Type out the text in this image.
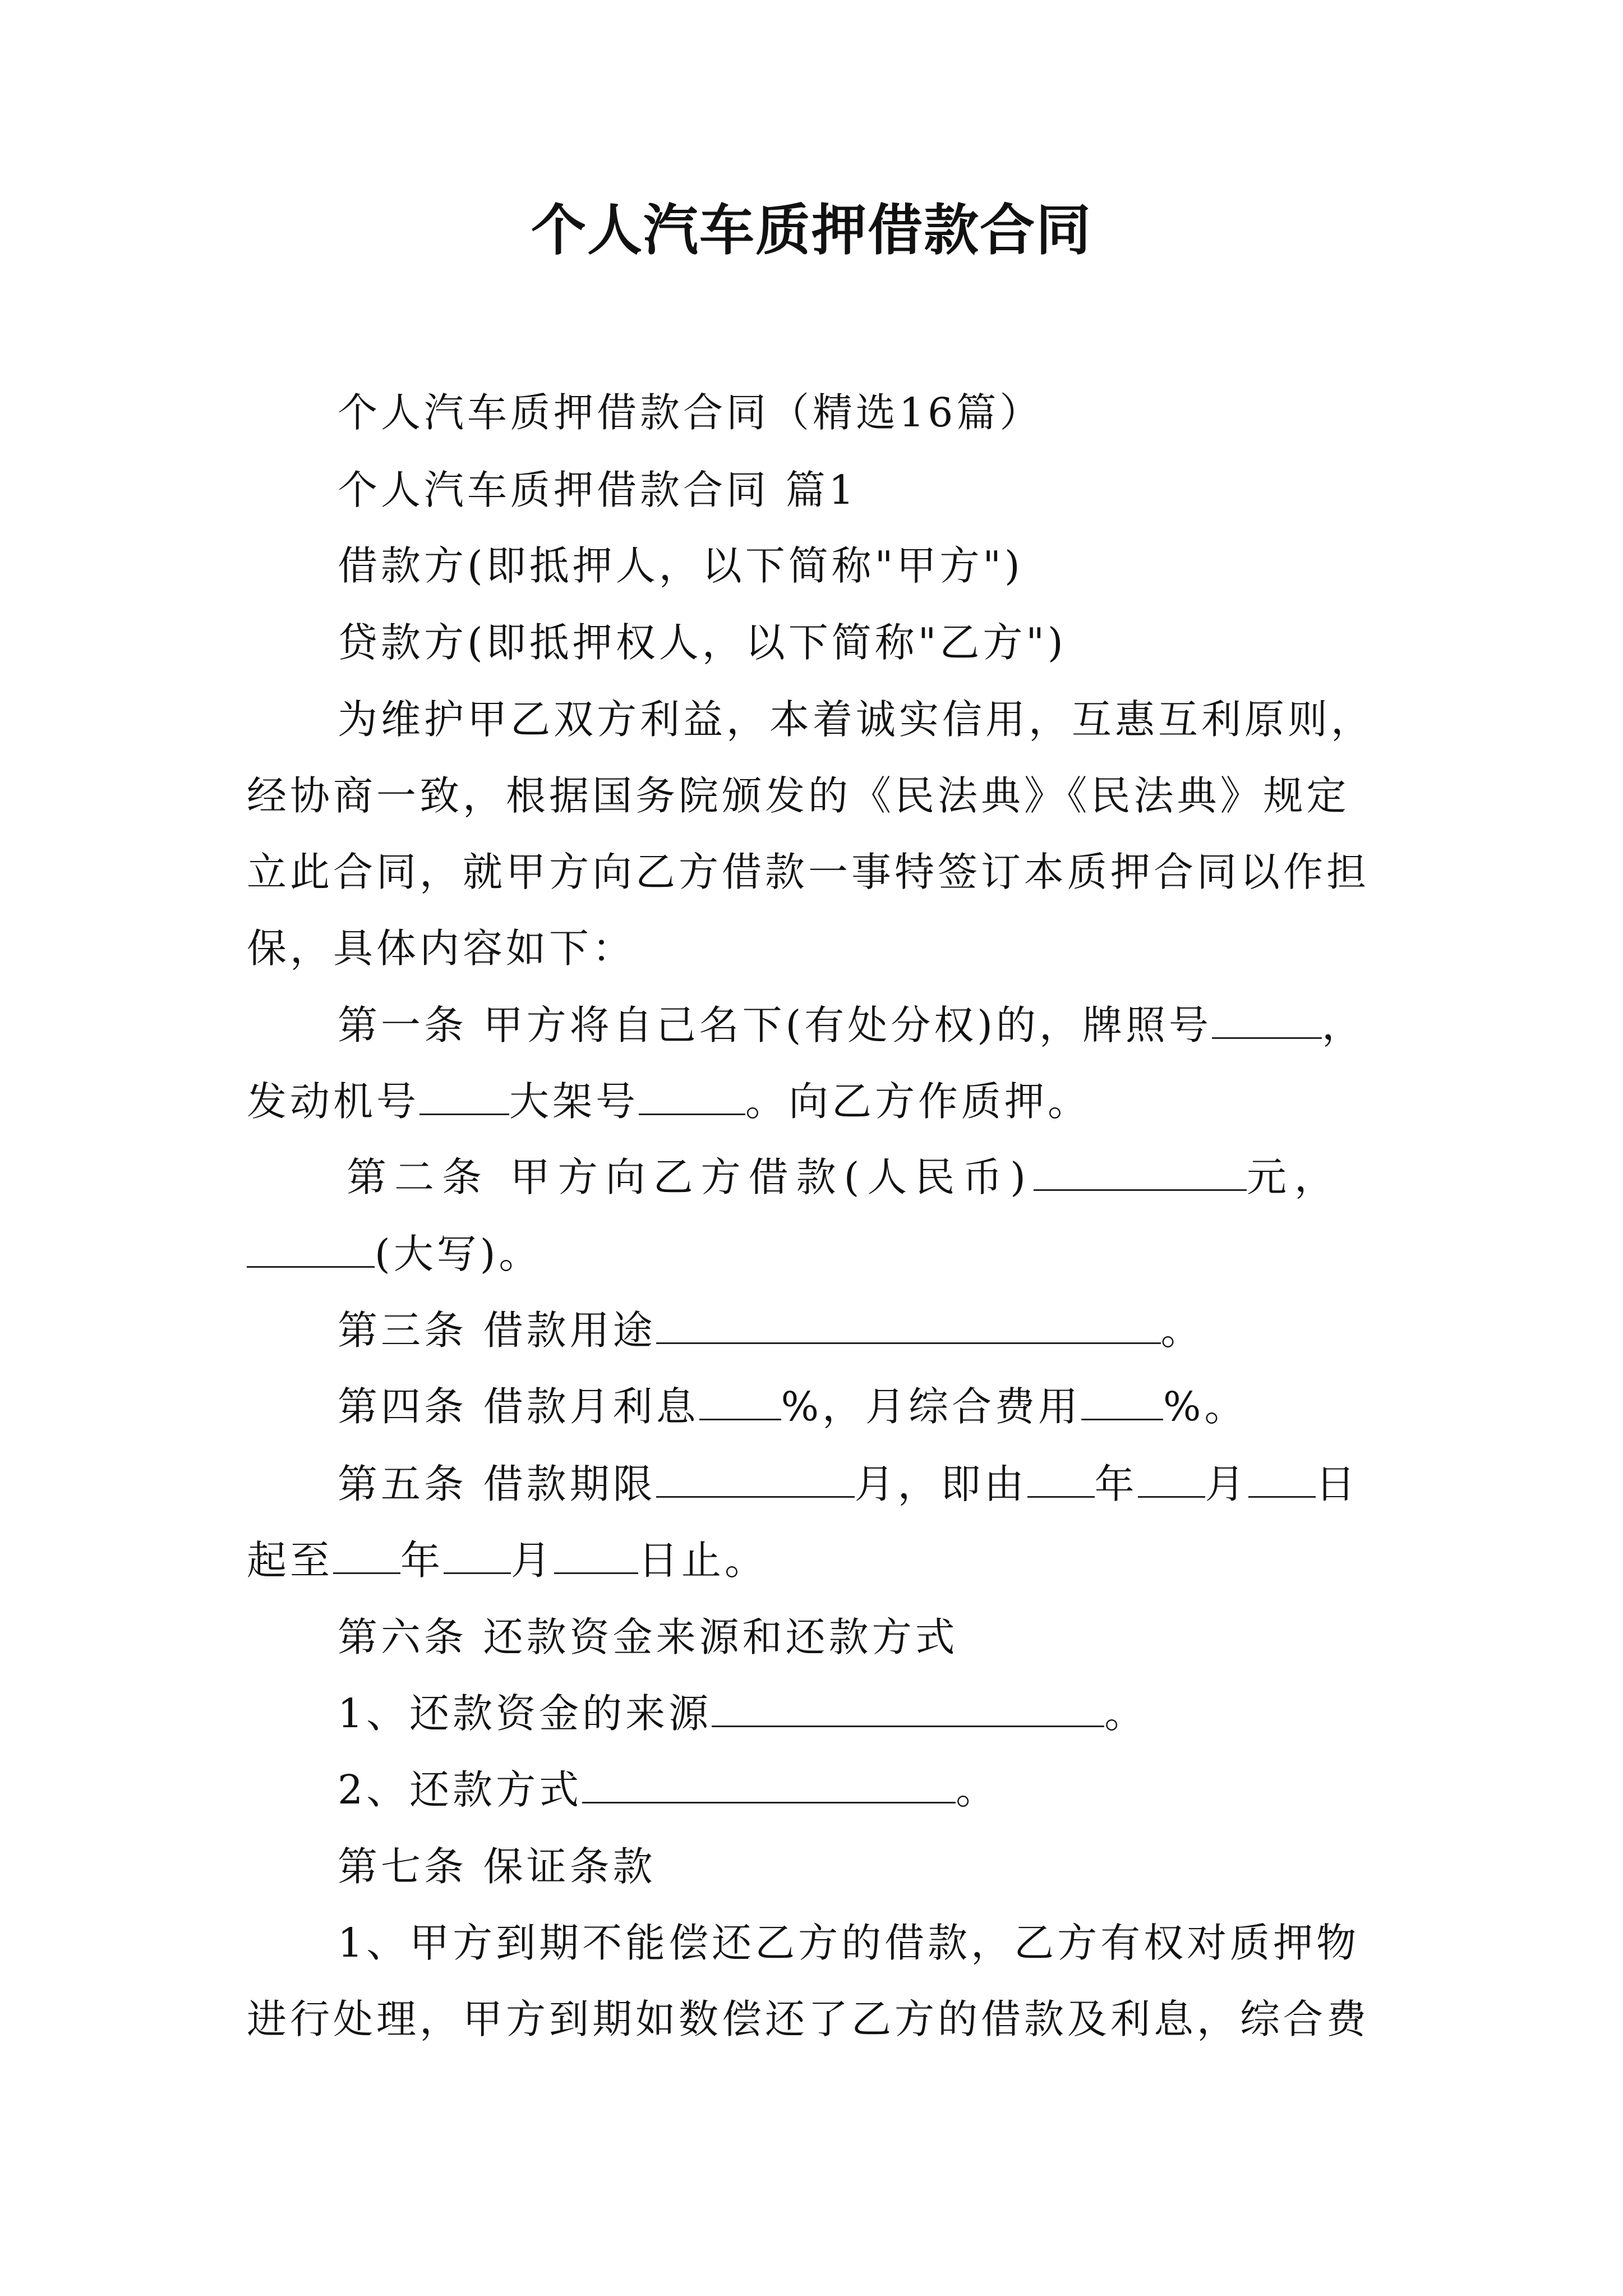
个人汽车质押借款合同
个人汽车质押借款合同（精选16篇）
个人汽车质押借款合同 篇1
借款方(即抵押人，以下简称"甲方")
贷款方(即抵押权人，以下简称"乙方")
为维护甲乙双方利益，本着诚实信用，互惠互利原则，
经协商一致，根据国务院颁发的《民法典》《民法典》规定
立此合同，就甲方向乙方借款一事特签订本质押合同以作担
保，具体内容如下：
第一条 甲方将自己名下(有处分权)的，牌照号	，
发动机号 大架号	。向乙方作质押。
第二条 甲方向乙方借款(人民币)	元，
(大写)。
第三条 借款用途	。
第四条 借款月利息 %，月综合费用 %。
第五条 借款期限	月，即由 年 月 日
起至 年 月 日止。
第六条 还款资金来源和还款方式
1、还款资金的来源	。
2、还款方式	。
第七条 保证条款
1、甲方到期不能偿还乙方的借款，乙方有权对质押物
进行处理，甲方到期如数偿还了乙方的借款及利息，综合费
